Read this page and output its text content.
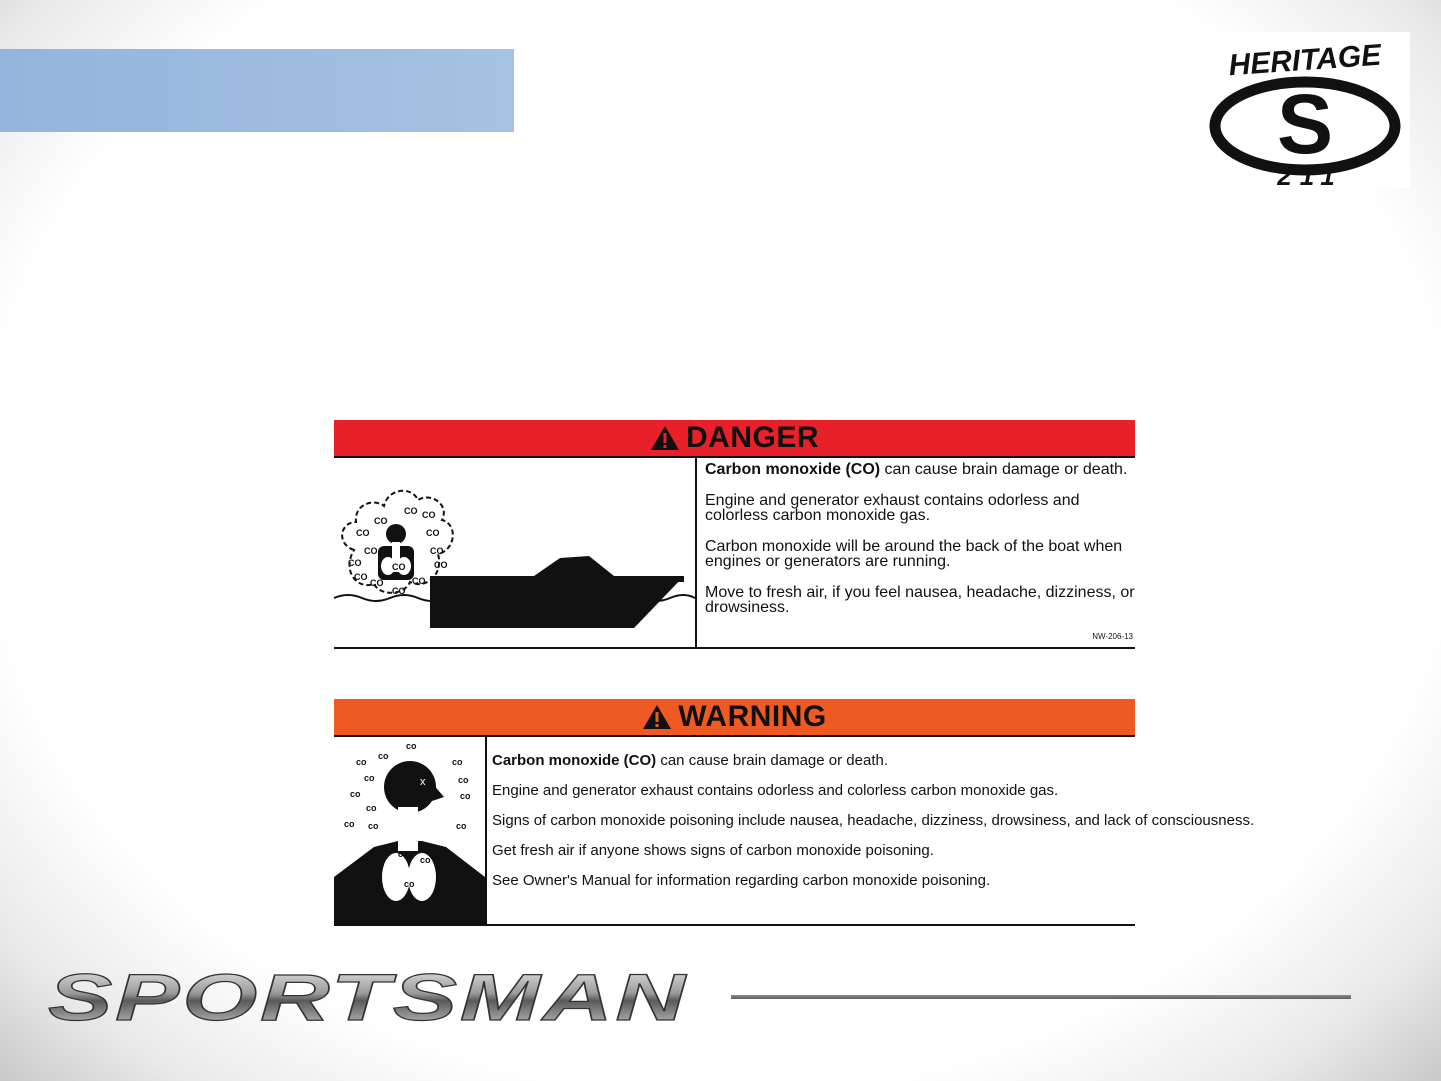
HERITAGE
S
211
DANGER
CO CO
CO
CO	CO
CO	CO
CO	CO
CO
CO
CO
CO
CO

Carbon monoxide (CO) can cause brain damage or death.

Engine and generator exhaust contains odorless and colorless carbon monoxide gas.

Carbon monoxide will be around the back of the boat when engines or generators are running.

Move to fresh air, if you feel nausea, headache, dizziness, or drowsiness.

NW-206-13
WARNING
x
co
co
co
co
co	co
co	co
co
co co	co
co
co
co
co	co

Carbon monoxide (CO) can cause brain damage or death.

Engine and generator exhaust contains odorless and colorless carbon monoxide gas.

Signs of carbon monoxide poisoning include nausea, headache, dizziness, drowsiness, and lack of consciousness.

Get fresh air if anyone shows signs of carbon monoxide poisoning.

See Owner's Manual for information regarding carbon monoxide poisoning.

SPORTSMAN
